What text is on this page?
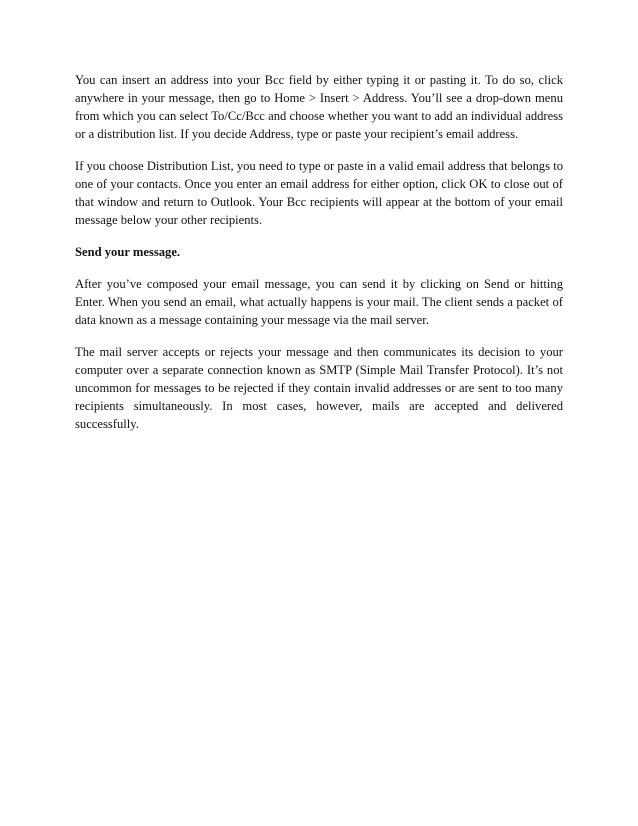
You can insert an address into your Bcc field by either typing it or pasting it. To do so, click anywhere in your message, then go to Home > Insert > Address. You’ll see a drop-down menu from which you can select To/Cc/Bcc and choose whether you want to add an individual address or a distribution list. If you decide Address, type or paste your recipient’s email address.

If you choose Distribution List, you need to type or paste in a valid email address that belongs to one of your contacts. Once you enter an email address for either option, click OK to close out of that window and return to Outlook. Your Bcc recipients will appear at the bottom of your email message below your other recipients.

Send your message.

After you’ve composed your email message, you can send it by clicking on Send or hitting Enter. When you send an email, what actually happens is your mail. The client sends a packet of data known as a message containing your message via the mail server.

The mail server accepts or rejects your message and then communicates its decision to your computer over a separate connection known as SMTP (Simple Mail Transfer Protocol). It’s not uncommon for messages to be rejected if they contain invalid addresses or are sent to too many recipients simultaneously. In most cases, however, mails are accepted and delivered successfully.
